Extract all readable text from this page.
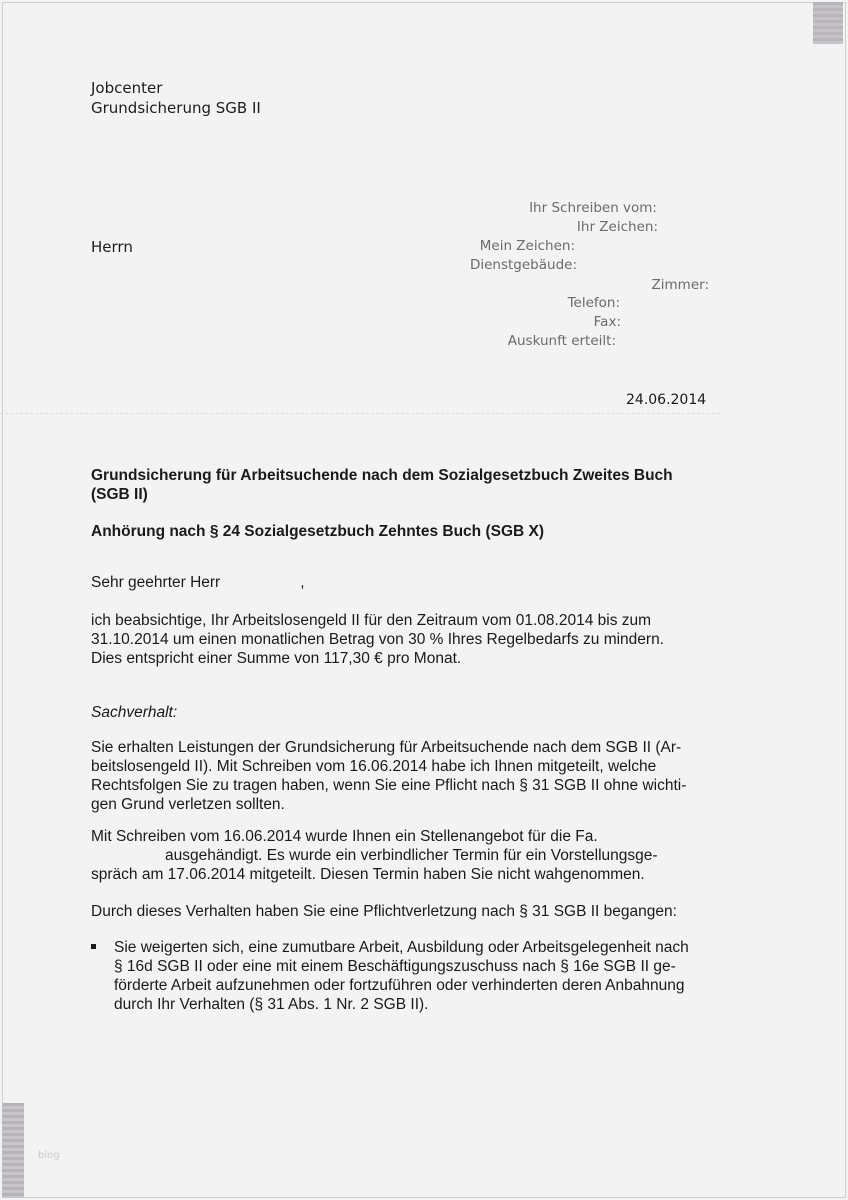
blog
Jobcenter
Grundsicherung SGB II
Herrn
Ihr Schreiben vom:
Ihr Zeichen:
Mein Zeichen:
Dienstgebäude:
Zimmer:
Telefon:
Fax:
Auskunft erteilt:
24.06.2014
Grundsicherung für Arbeitsuchende nach dem Sozialgesetzbuch Zweites Buch
(SGB II)
Anhörung nach § 24 Sozialgesetzbuch Zehntes Buch (SGB X)
Sehr geehrter Herr	,
ich beabsichtige, Ihr Arbeitslosengeld II für den Zeitraum vom 01.08.2014 bis zum
31.10.2014 um einen monatlichen Betrag von 30 % Ihres Regelbedarfs zu mindern.
Dies entspricht einer Summe von 117,30 € pro Monat.
Sachverhalt:
Sie erhalten Leistungen der Grundsicherung für Arbeitsuchende nach dem SGB II (Ar-
beitslosengeld II). Mit Schreiben vom 16.06.2014 habe ich Ihnen mitgeteilt, welche
Rechtsfolgen Sie zu tragen haben, wenn Sie eine Pflicht nach § 31 SGB II ohne wichti-
gen Grund verletzen sollten.
Mit Schreiben vom 16.06.2014 wurde Ihnen ein Stellenangebot für die Fa.
ausgehändigt. Es wurde ein verbindlicher Termin für ein Vorstellungsge-
spräch am 17.06.2014 mitgeteilt. Diesen Termin haben Sie nicht wahgenommen.
Durch dieses Verhalten haben Sie eine Pflichtverletzung nach § 31 SGB II begangen:
Sie weigerten sich, eine zumutbare Arbeit, Ausbildung oder Arbeitsgelegenheit nach
§ 16d SGB II oder eine mit einem Beschäftigungszuschuss nach § 16e SGB II ge-
förderte Arbeit aufzunehmen oder fortzuführen oder verhinderten deren Anbahnung
durch Ihr Verhalten (§ 31 Abs. 1 Nr. 2 SGB II).
